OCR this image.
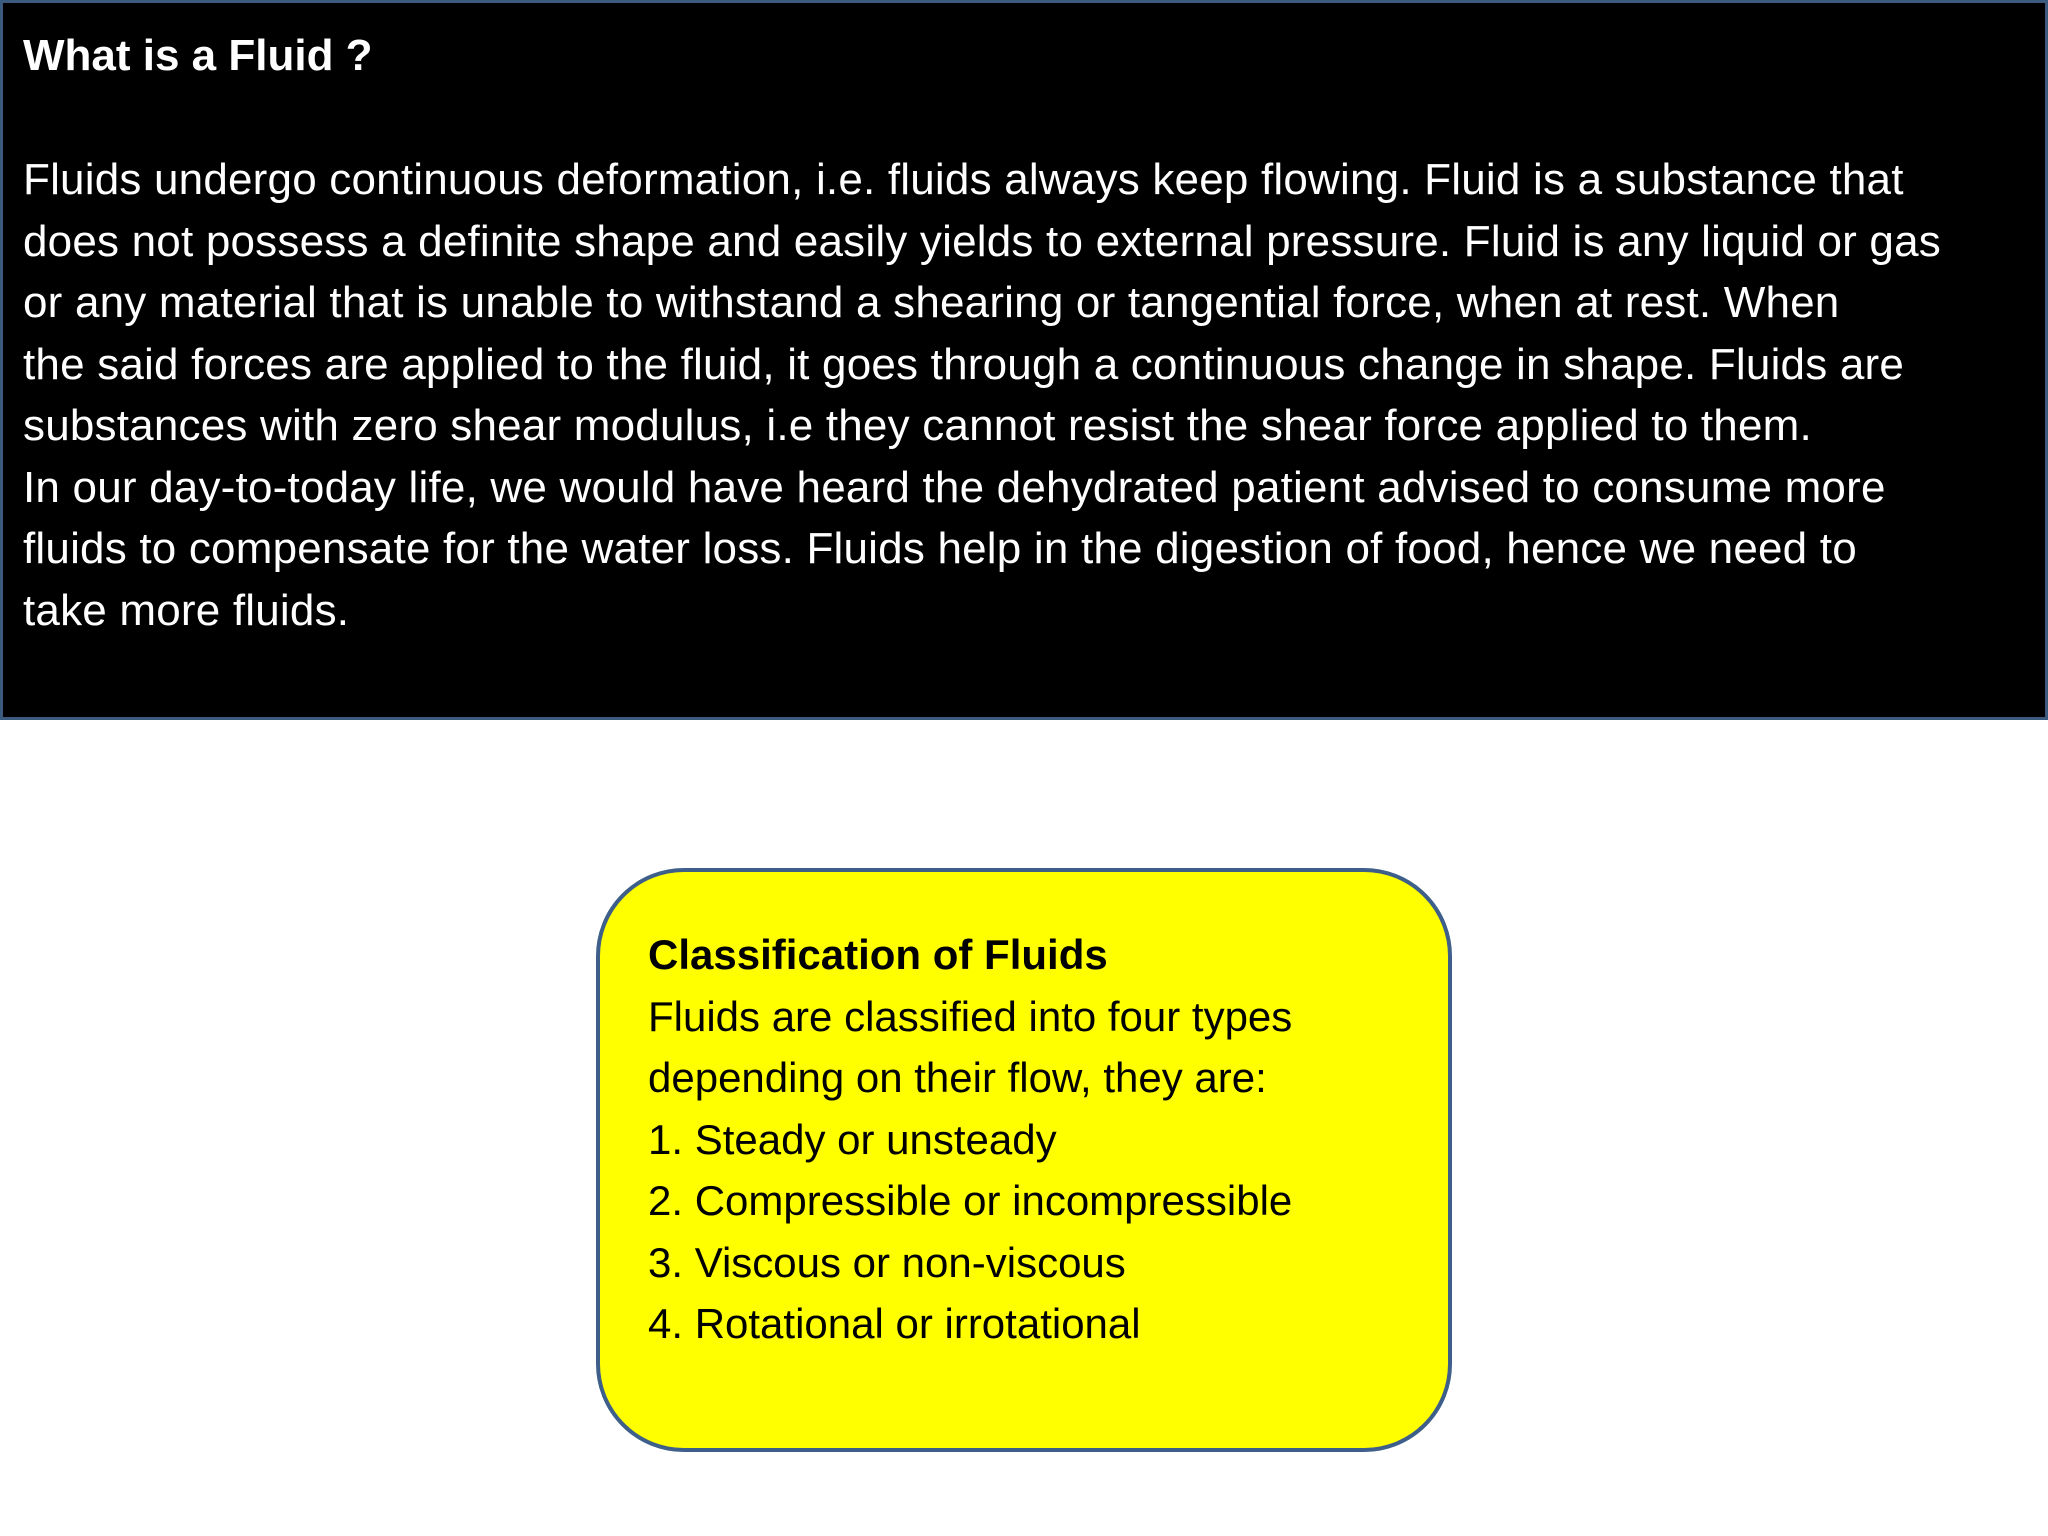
What is a Fluid ?

Fluids undergo continuous deformation, i.e. fluids always keep flowing. Fluid is a substance that
does not possess a definite shape and easily yields to external pressure. Fluid is any liquid or gas
or any material that is unable to withstand a shearing or tangential force, when at rest. When
the said forces are applied to the fluid, it goes through a continuous change in shape. Fluids are
substances with zero shear modulus, i.e they cannot resist the shear force applied to them.
In our day-to-today life, we would have heard the dehydrated patient advised to consume more
fluids to compensate for the water loss. Fluids help in the digestion of food, hence we need to
take more fluids.

Classification of Fluids

Fluids are classified into four types

depending on their flow, they are:

1. Steady or unsteady
2. Compressible or incompressible
3. Viscous or non-viscous
4. Rotational or irrotational
